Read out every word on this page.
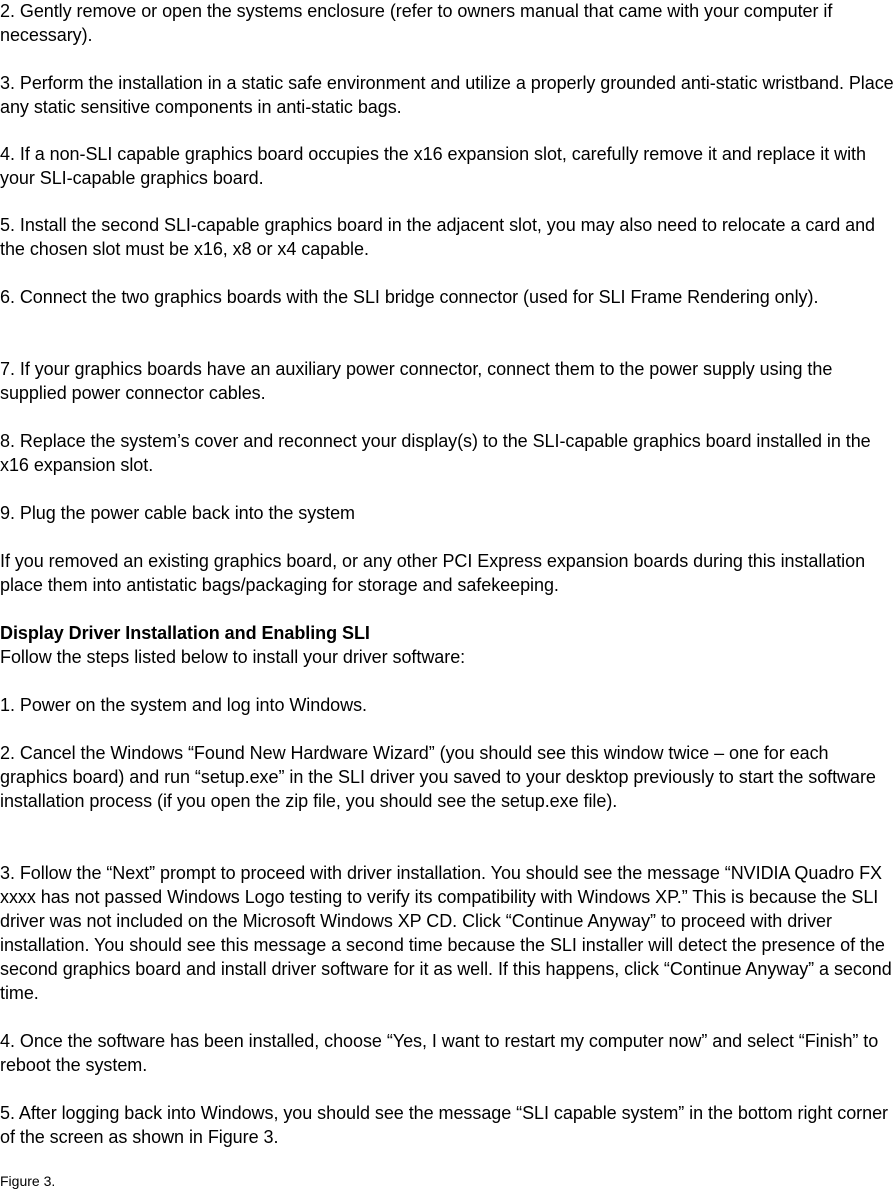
2. Gently remove or open the systems enclosure (refer to owners manual that came with your computer if necessary).

3. Perform the installation in a static safe environment and utilize a properly grounded anti-static wristband. Place any static sensitive components in anti-static bags.

4. If a non-SLI capable graphics board occupies the x16 expansion slot, carefully remove it and replace it with your SLI-capable graphics board.

5. Install the second SLI-capable graphics board in the adjacent slot, you may also need to relocate a card and the chosen slot must be x16, x8 or x4 capable.

6. Connect the two graphics boards with the SLI bridge connector (used for SLI Frame Rendering only).

7. If your graphics boards have an auxiliary power connector, connect them to the power supply using the supplied power connector cables.

8. Replace the system’s cover and reconnect your display(s) to the SLI-capable graphics board installed in the x16 expansion slot.

9. Plug the power cable back into the system

If you removed an existing graphics board, or any other PCI Express expansion boards during this installation place them into antistatic bags/packaging for storage and safekeeping.

Display Driver Installation and Enabling SLI

Follow the steps listed below to install your driver software:

1. Power on the system and log into Windows.

2. Cancel the Windows “Found New Hardware Wizard” (you should see this window twice – one for each graphics board) and run “setup.exe” in the SLI driver you saved to your desktop previously to start the software installation process (if you open the zip file, you should see the setup.exe file).

3. Follow the “Next” prompt to proceed with driver installation. You should see the message “NVIDIA Quadro FX xxxx has not passed Windows Logo testing to verify its compatibility with Windows XP.” This is because the SLI driver was not included on the Microsoft Windows XP CD. Click “Continue Anyway” to proceed with driver installation. You should see this message a second time because the SLI installer will detect the presence of the second graphics board and install driver software for it as well. If this happens, click “Continue Anyway” a second time.

4. Once the software has been installed, choose “Yes, I want to restart my computer now” and select “Finish” to reboot the system.

5. After logging back into Windows, you should see the message “SLI capable system” in the bottom right corner of the screen as shown in Figure 3.

Figure 3.
